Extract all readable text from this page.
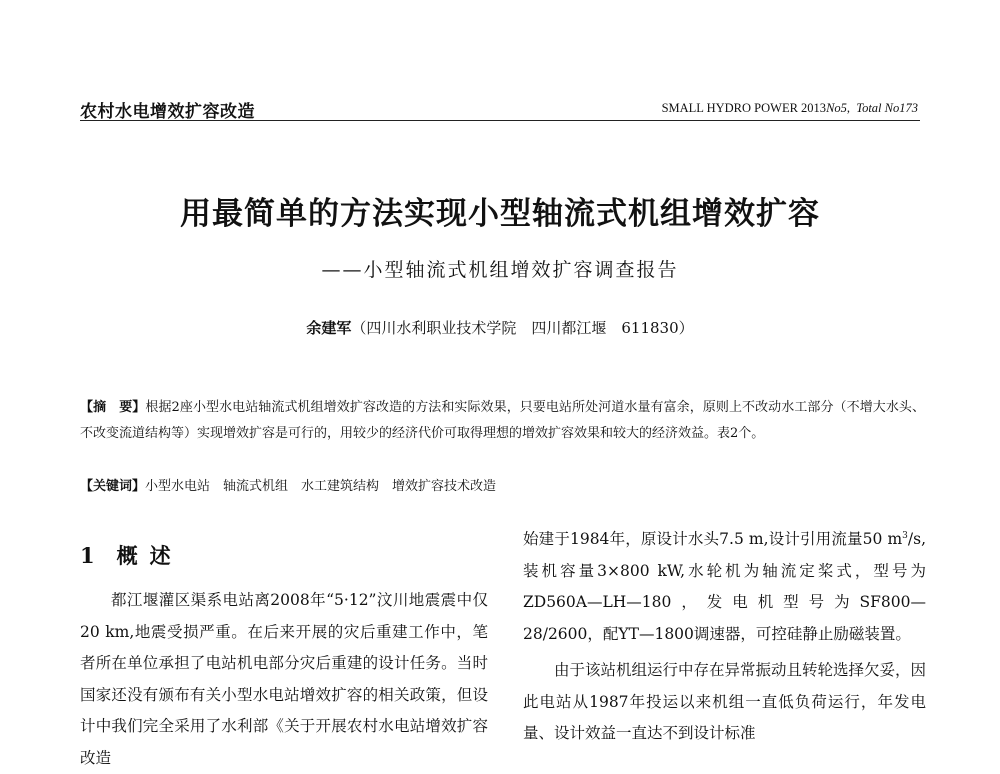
农村水电增效扩容改造	SMALL HYDRO POWER 2013No5,  Total No173
用最简单的方法实现小型轴流式机组增效扩容
——小型轴流式机组增效扩容调查报告
余建军（四川水利职业技术学院　四川都江堰　611830）
【摘　要】根据2座小型水电站轴流式机组增效扩容改造的方法和实际效果，只要电站所处河道水量有富余，原则上不改动水工部分（不增大水头、不改变流道结构等）实现增效扩容是可行的，用较少的经济代价可取得理想的增效扩容效果和较大的经济效益。表2个。
【关键词】小型水电站　轴流式机组　水工建筑结构　增效扩容技术改造
1 概述

都江堰灌区渠系电站离2008年“5·12”汶川地震震中仅20 km,地震受损严重。在后来开展的灾后重建工作中，笔者所在单位承担了电站机电部分灾后重建的设计任务。当时国家还没有颁布有关小型水电站增效扩容的相关政策，但设计中我们完全采用了水利部《关于开展农村水电站增效扩容改造

始建于1984年，原设计水头7.5 m,设计引用流量50 $m^3/s$,装机容量3×800 kW,水轮机为轴流定桨式，型号为ZD560A—LH—180，发电机型号为SF800—28/2600，配YT—1800调速器，可控硅静止励磁装置。

由于该站机组运行中存在异常振动且转轮选择欠妥，因此电站从1987年投运以来机组一直低负荷运行，年发电量、设计效益一直达不到设计标准
